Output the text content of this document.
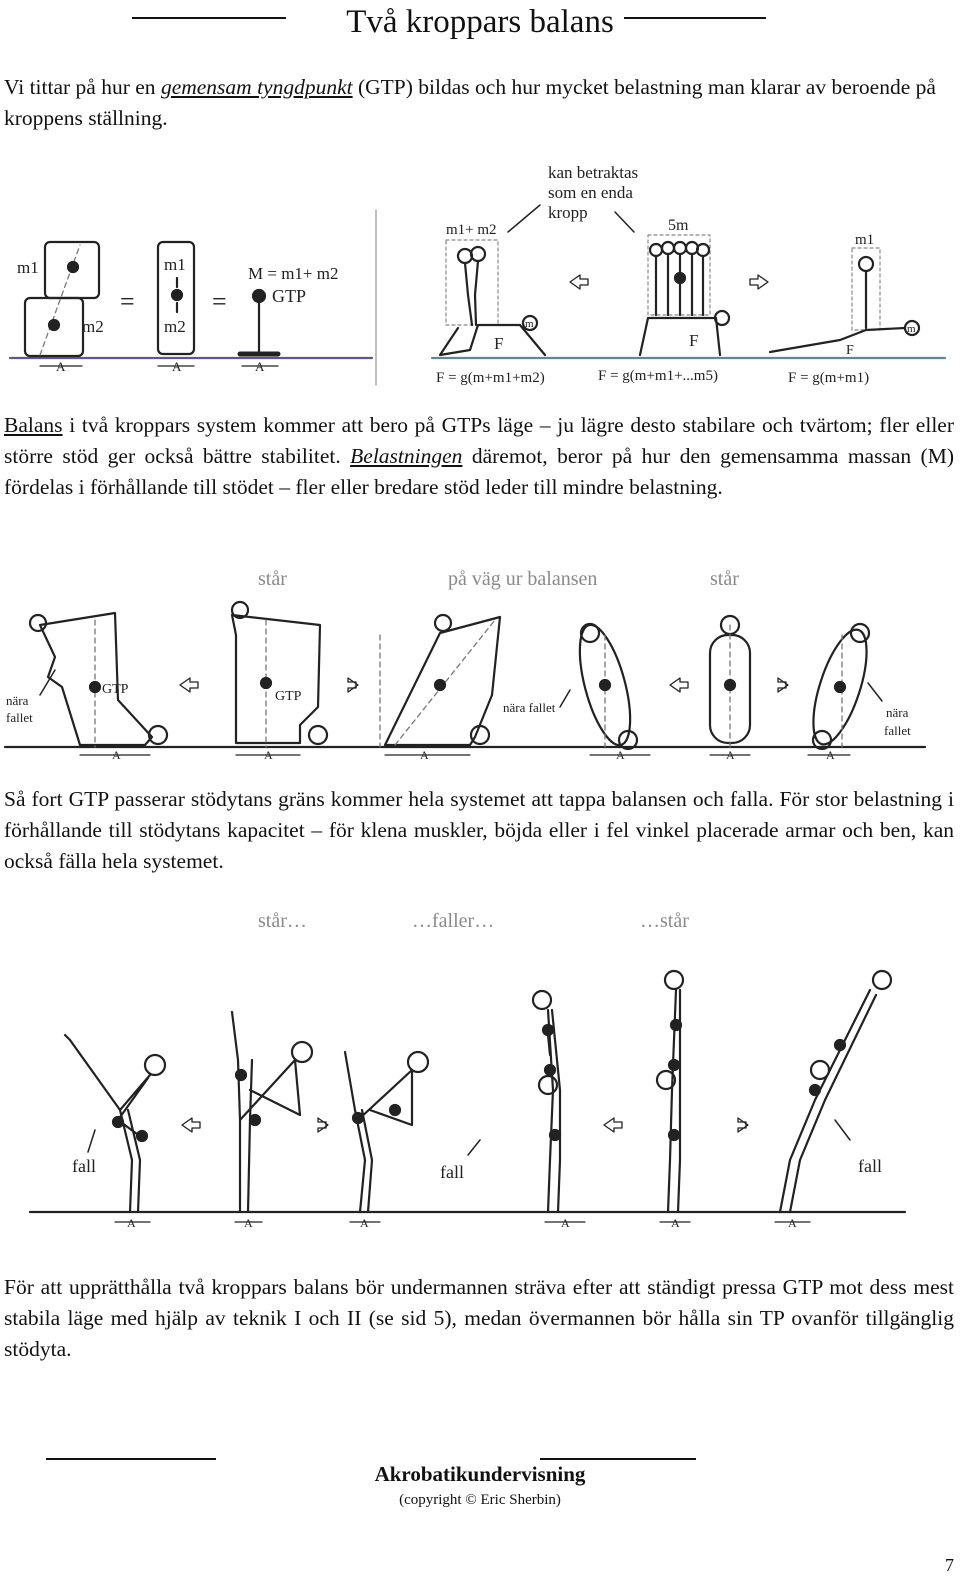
Två kroppars balans

Vi tittar på hur en gemensam tyngdpunkt (GTP) bildas och hur mycket belastning man klarar av beroende på kroppens ställning.

m1
m2
=
m1
m2
=
M = m1+ m2
GTP
A	A	A
kan betraktas
som en enda
kropp
m1+ m2
m
F
5m
F
m1
m
F
F = g(m+m1+m2)	F = g(m+m1+...m5)	F = g(m+m1)

Balans i två kroppars system kommer att bero på GTPs läge – ju lägre desto stabilare och tvärtom; fler eller större stöd ger också bättre stabilitet. Belastningen däremot, beror på hur den gemensamma massan (M) fördelas i förhållande till stödet – fler eller bredare stöd leder till mindre belastning.

står	på väg ur balansen	står
GTP
nära
fallet
GTP
nära fallet	nära
fallet
A	A	A	A	A	A

Så fort GTP passerar stödytans gräns kommer hela systemet att tappa balansen och falla. För stor belastning i förhållande till stödytans kapacitet – för klena muskler, böjda eller i fel vinkel placerade armar och ben, kan också fälla hela systemet.

står…	…faller…	…står
fall	fall	fall
A	A	A	A	A	A

För att upprätthålla två kroppars balans bör undermannen sträva efter att ständigt pressa GTP mot dess mest stabila läge med hjälp av teknik I och II (se sid 5), medan övermannen bör hålla sin TP ovanför tillgänglig stödyta.

Akrobatikundervisning
(copyright © Eric Sherbin)
7
